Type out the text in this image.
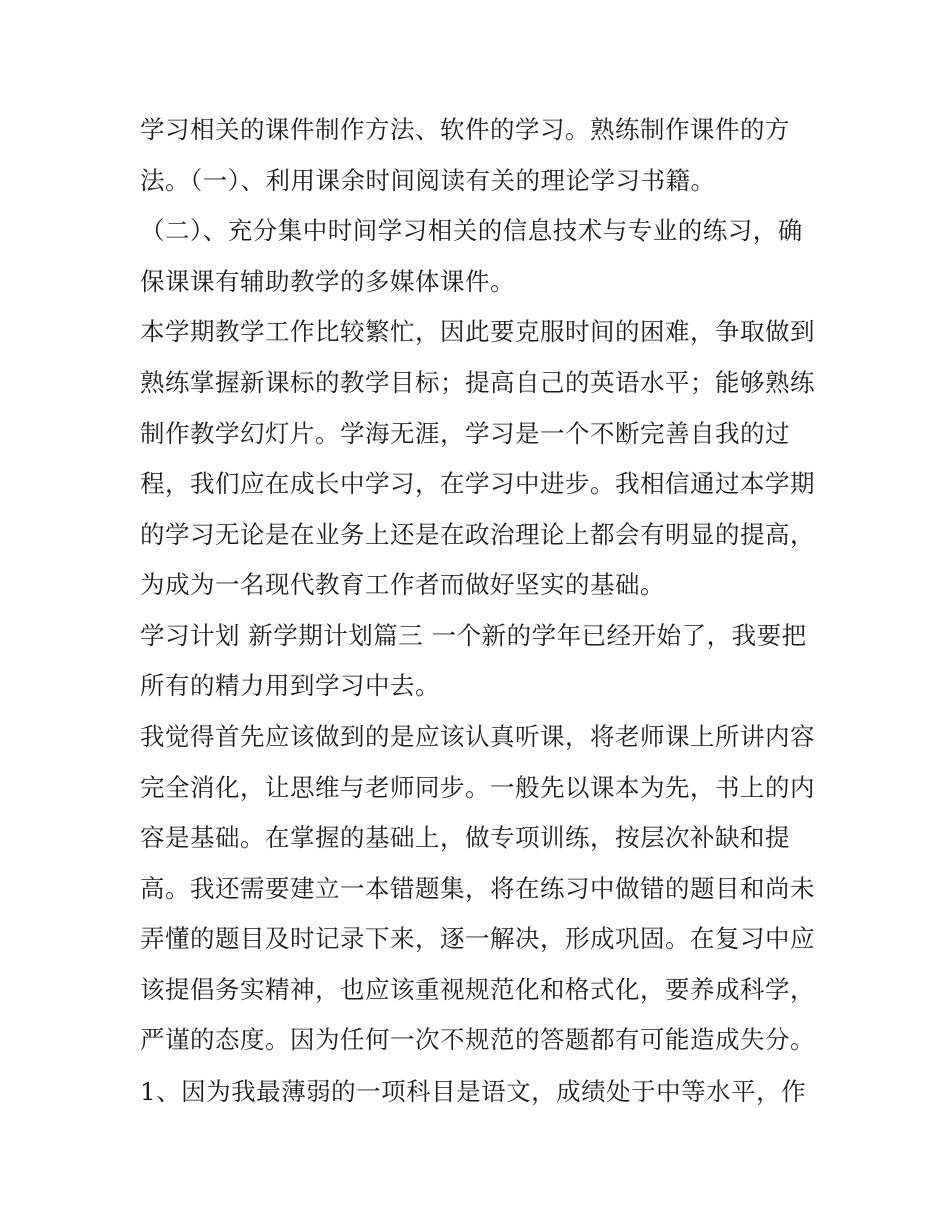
学习相关的课件制作方法、软件的学习。熟练制作课件的方
法。（一）、利用课余时间阅读有关的理论学习书籍。
（二）、充分集中时间学习相关的信息技术与专业的练习，确
保课课有辅助教学的多媒体课件。
本学期教学工作比较繁忙，因此要克服时间的困难，争取做到
熟练掌握新课标的教学目标；提高自己的英语水平；能够熟练
制作教学幻灯片。学海无涯，学习是一个不断完善自我的过
程，我们应在成长中学习，在学习中进步。我相信通过本学期
的学习无论是在业务上还是在政治理论上都会有明显的提高，
为成为一名现代教育工作者而做好坚实的基础。
学习计划 新学期计划篇三 一个新的学年已经开始了，我要把
所有的精力用到学习中去。
我觉得首先应该做到的是应该认真听课，将老师课上所讲内容
完全消化，让思维与老师同步。一般先以课本为先，书上的内
容是基础。在掌握的基础上，做专项训练，按层次补缺和提
高。我还需要建立一本错题集，将在练习中做错的题目和尚未
弄懂的题目及时记录下来，逐一解决，形成巩固。在复习中应
该提倡务实精神，也应该重视规范化和格式化，要养成科学，
严谨的态度。因为任何一次不规范的答题都有可能造成失分。
1、因为我最薄弱的一项科目是语文，成绩处于中等水平，作
